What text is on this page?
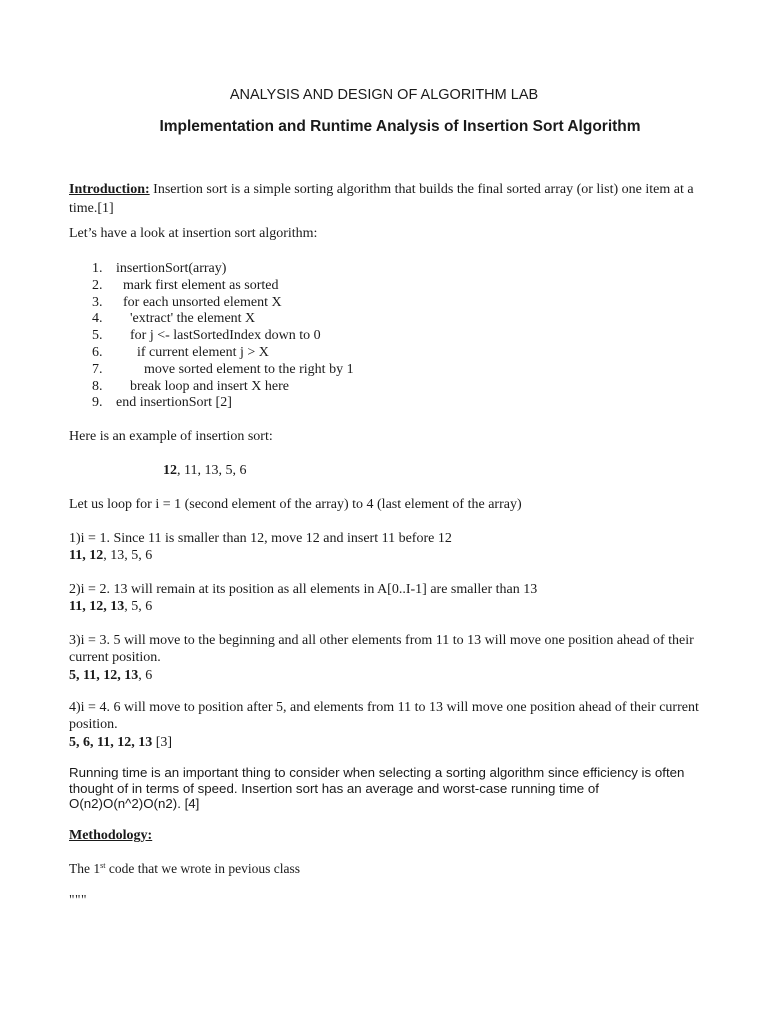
ANALYSIS AND DESIGN OF ALGORITHM LAB
Implementation and Runtime Analysis of Insertion Sort Algorithm
Introduction: Insertion sort is a simple sorting algorithm that builds the final sorted array (or list) one item at a time.[1]
Let’s have a look at insertion sort algorithm:
1. insertionSort(array)
2.  mark first element as sorted
3.  for each unsorted element X
4.    'extract' the element X
5.    for j <- lastSortedIndex down to 0
6.      if current element j > X
7.        move sorted element to the right by 1
8.    break loop and insert X here
9. end insertionSort [2]
Here is an example of insertion sort:
12, 11, 13, 5, 6
Let us loop for i = 1 (second element of the array) to 4 (last element of the array)
1)i = 1. Since 11 is smaller than 12, move 12 and insert 11 before 12
11, 12, 13, 5, 6
2)i = 2. 13 will remain at its position as all elements in A[0..I-1] are smaller than 13
11, 12, 13, 5, 6
3)i = 3. 5 will move to the beginning and all other elements from 11 to 13 will move one position ahead of their current position.
5, 11, 12, 13, 6
4)i = 4. 6 will move to position after 5, and elements from 11 to 13 will move one position ahead of their current position.
5, 6, 11, 12, 13 [3]
Running time is an important thing to consider when selecting a sorting algorithm since efficiency is often thought of in terms of speed. Insertion sort has an average and worst-case running time of O(n2)O(n^2)O(n2). [4]
Methodology:
The 1st code that we wrote in pevious class
"""
